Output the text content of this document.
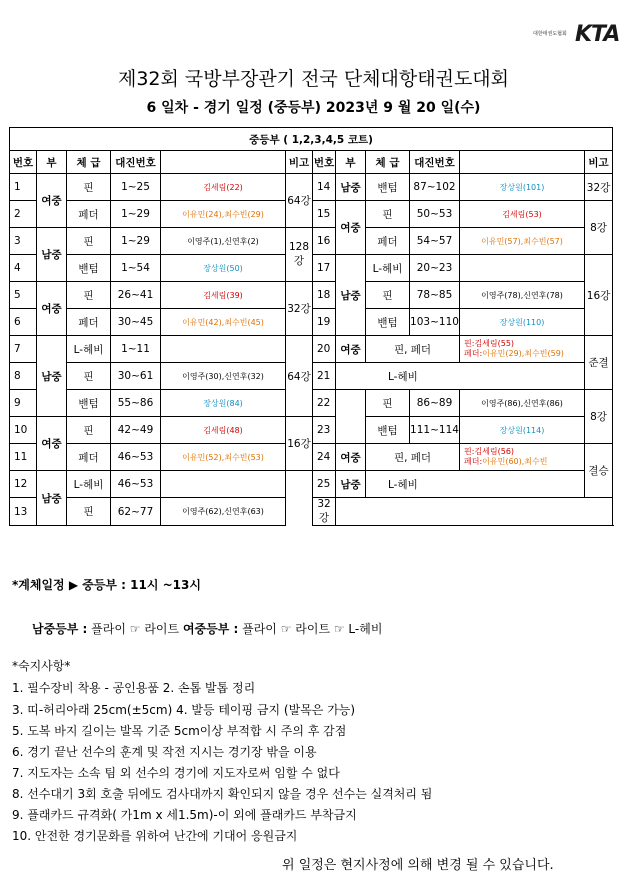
대한태권도협회 KTA
제32회 국방부장관기 전국 단체대항태권도대회
6 일차 - 경기 일정 (중등부) 2023년 9 월 20 일(수)
중등부 ( 1,2,3,4,5 코트)											
번호	부	체 급	대진번호		비고	번호	부	체 급	대진번호		비고
1	여중	핀	1~25	김세림(22)	64강	14	남중	밴텀	87~102	장상원(101)	32강
2		페더	1~29	이유민(24),최수빈(29)		15	여중	핀	50~53	김세림(53)	8강
3	남중	핀	1~29	이영주(1),신연후(2)	128강	16		페더	54~57	이유민(57),최수빈(57)	
4		밴텀	1~54	장상원(50)		17	남중	L-헤비	20~23		16강
5	여중	핀	26~41	김세림(39)	32강	18		핀	78~85	이영주(78),신연후(78)	
6		페더	30~45	이유민(42),최수빈(45)		19		밴텀	103~110	장상원(110)	
7	남중	L-헤비	1~11		64강	20	여중	핀, 페더		핀:김세림(55)
페더:이유민(29),최수빈(59)	준결
8		핀	30~61	이영주(30),신연후(32)		21	L-헤비				
9		밴텀	55~86	장상원(84)		22		핀	86~89	이영주(86),신연후(86)	8강
10	여중	핀	42~49	김세림(48)	16강	23		밴텀	111~114	장상원(114)	
11		페더	46~53	이유민(52),최수빈(53)		24	여중	핀, 페더		핀:김세림(56)
페더:이유민(60),최수빈	결승
12	남중	L-헤비	46~53			25	남중	L-헤비			
13		핀	62~77	이영주(62),신연후(63)		32강					
*계체일정 ▶ 중등부 : 11시 ~13시
남중등부 : 플라이 ☞ 라이트 여중등부 : 플라이 ☞ 라이트 ☞ L-헤비
*숙지사항*
1. 필수장비 착용 - 공인용품 2. 손톱 발톱 정리
3. 띠-허리아래 25cm(±5cm) 4. 발등 테이핑 금지 (발목은 가능)
5. 도복 바지 길이는 발목 기준 5cm이상 부적합 시 주의 후 감점
6. 경기 끝난 선수의 훈계 및 작전 지시는 경기장 밖을 이용
7. 지도자는 소속 팀 외 선수의 경기에 지도자로써 임할 수 없다
8. 선수대기 3회 호출 뒤에도 검사대까지 확인되지 않을 경우 선수는 실격처리 됨
9. 플래카드 규격화( 가1m x 세1.5m)-이 외에 플래카드 부착금지
10. 안전한 경기문화를 위하여 난간에 기대어 응원금지
위 일정은 현지사정에 의해 변경 될 수 있습니다.
